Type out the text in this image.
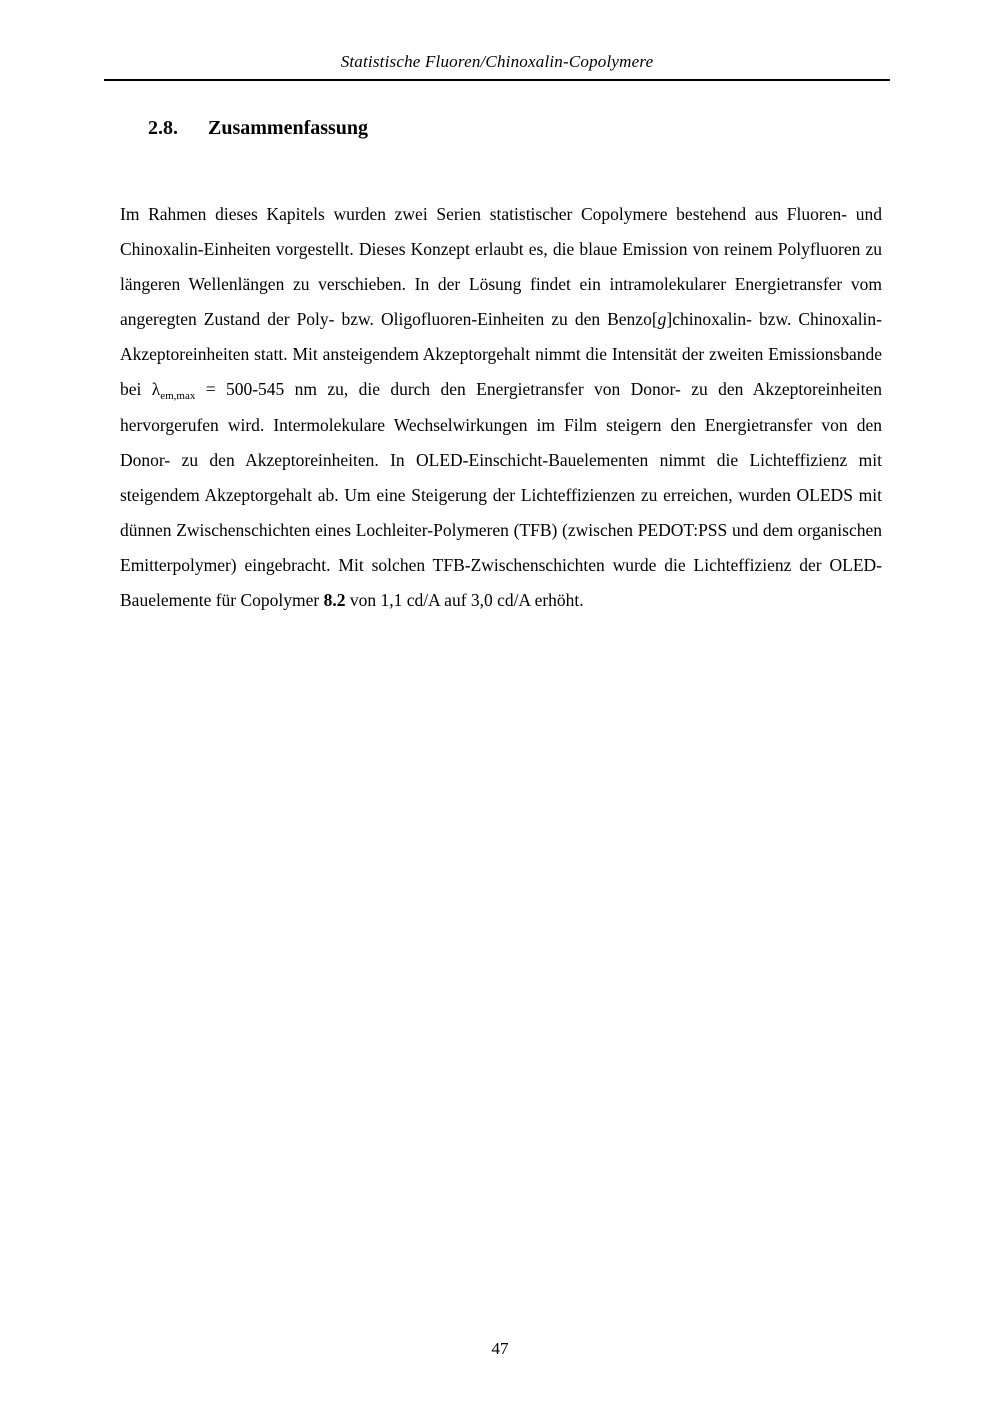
Statistische Fluoren/Chinoxalin-Copolymere
2.8. Zusammenfassung

Im Rahmen dieses Kapitels wurden zwei Serien statistischer Copolymere bestehend aus Fluoren- und Chinoxalin-Einheiten vorgestellt. Dieses Konzept erlaubt es, die blaue Emission von reinem Polyfluoren zu längeren Wellenlängen zu verschieben. In der Lösung findet ein intramolekularer Energietransfer vom angeregten Zustand der Poly- bzw. Oligofluoren-Einheiten zu den Benzo[g]chinoxalin- bzw. Chinoxalin-Akzeptoreinheiten statt. Mit ansteigendem Akzeptorgehalt nimmt die Intensität der zweiten Emissionsbande bei $\lambda_{em,max} = 500-545$ nm zu, die durch den Energietransfer von Donor- zu den Akzeptoreinheiten hervorgerufen wird. Intermolekulare Wechselwirkungen im Film steigern den Energietransfer von den Donor- zu den Akzeptoreinheiten. In OLED-Einschicht-Bauelementen nimmt die Lichteffizienz mit steigendem Akzeptorgehalt ab. Um eine Steigerung der Lichteffizienzen zu erreichen, wurden OLEDS mit dünnen Zwischenschichten eines Lochleiter-Polymeren (TFB) (zwischen PEDOT:PSS und dem organischen Emitterpolymer) eingebracht. Mit solchen TFB-Zwischenschichten wurde die Lichteffizienz der OLED-Bauelemente für Copolymer 8.2 von 1,1 cd/A auf 3,0 cd/A erhöht.

47
